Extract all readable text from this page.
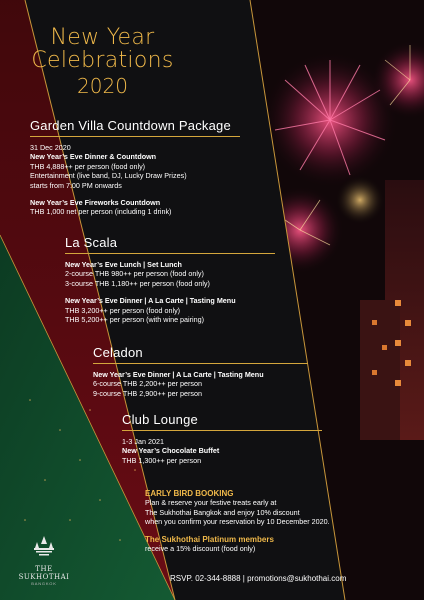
New Year
Celebrations
2020
Garden Villa Countdown Package
31 Dec 2020
New Year’s Eve Dinner & Countdown
THB 4,888++ per person (food only)
Entertainment (live band, DJ, Lucky Draw Prizes)
starts from 7:00 PM onwards
New Year’s Eve Fireworks Countdown
THB 1,000 net per person (including 1 drink)
La Scala
New Year’s Eve Lunch | Set Lunch
2-course THB 980++ per person (food only)
3-course THB 1,180++ per person (food only)
New Year’s Eve Dinner | A La Carte | Tasting Menu
THB 3,200++ per person (food only)
THB 5,200++ per person (with wine pairing)
Celadon
New Year’s Eve Dinner | A La Carte | Tasting Menu
6-course THB 2,200++ per person
9-course THB 2,900++ per person
Club Lounge
1-3 Jan 2021
New Year’s Chocolate Buffet
THB 1,300++ per person
EARLY BIRD BOOKING
Plan & reserve your festive treats early at
The Sukhothai Bangkok and enjoy 10% discount
when you confirm your reservation by 10 December 2020.
The Sukhothai Platinum members
receive a 15% discount (food only)
THE SUKHOTHAI
BANGKOK
RSVP. 02-344-8888 | promotions@sukhothai.com
